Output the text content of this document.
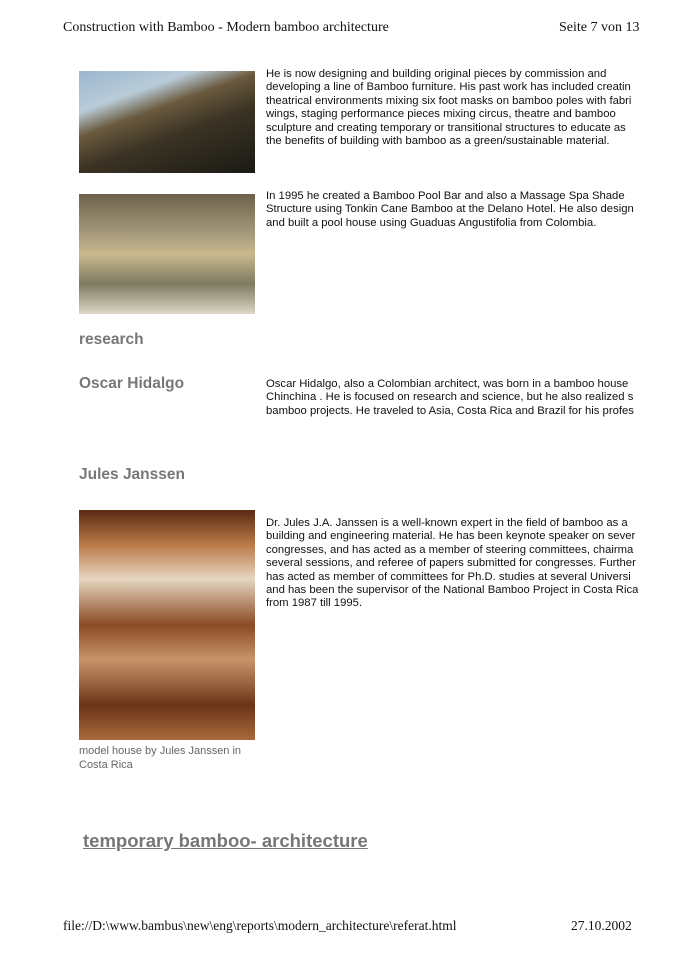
Construction with Bamboo - Modern bamboo architecture	Seite 7 von 13
He is now designing and building original pieces by commission and
developing a line of Bamboo furniture. His past work has included creatin
theatrical environments mixing six foot masks on bamboo poles with fabri
wings, staging performance pieces mixing circus, theatre and bamboo
sculpture and creating temporary or transitional structures to educate as
the benefits of building with bamboo as a green/sustainable material.
In 1995 he created a Bamboo Pool Bar and also a Massage Spa Shade
Structure using Tonkin Cane Bamboo at the Delano Hotel. He also design
and built a pool house using Guaduas Angustifolia from Colombia.
research
Oscar Hidalgo	Oscar Hidalgo, also a Colombian architect, was born in a bamboo house
Chinchina . He is focused on research and science, but he also realized s
bamboo projects. He traveled to Asia, Costa Rica and Brazil for his profes
Jules Janssen
Dr. Jules J.A. Janssen is a well-known expert in the field of bamboo as a
building and engineering material. He has been keynote speaker on sever
congresses, and has acted as a member of steering committees, chairma
several sessions, and referee of papers submitted for congresses. Further
has acted as member of committees for Ph.D. studies at several Universi
and has been the supervisor of the National Bamboo Project in Costa Rica
from 1987 till 1995.
model house by Jules Janssen in
Costa Rica
temporary bamboo- architecture
file://D:\www.bambus\new\eng\reports\modern_architecture\referat.html	27.10.2002
